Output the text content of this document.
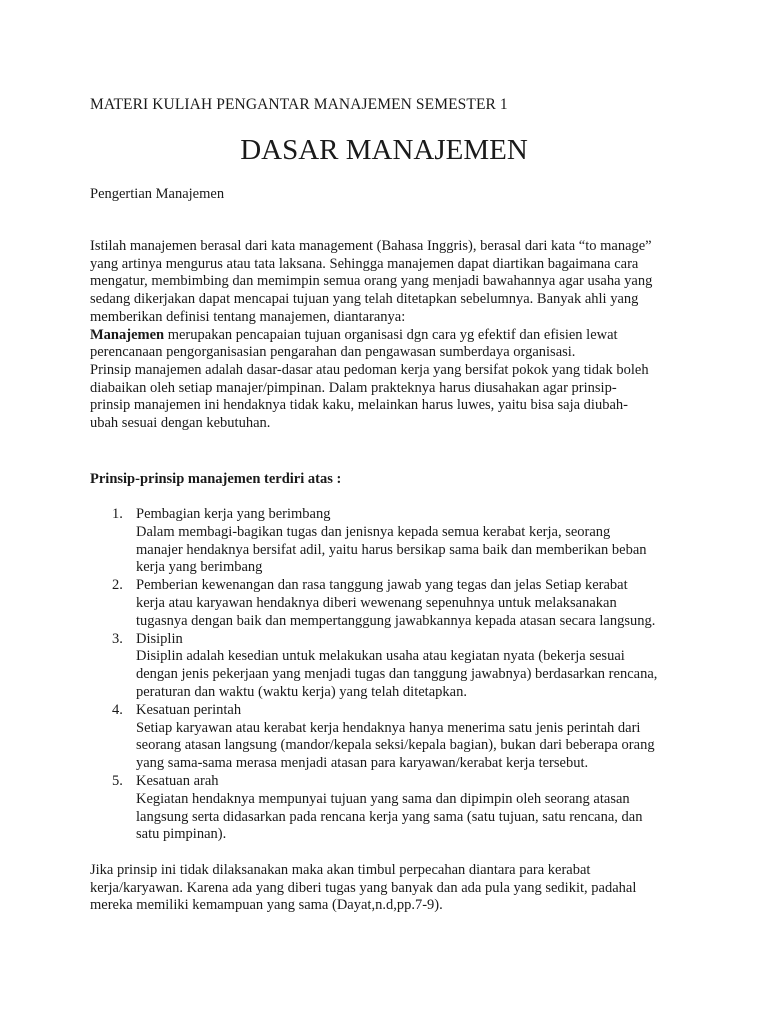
MATERI KULIAH PENGANTAR MANAJEMEN SEMESTER 1
DASAR MANAJEMEN
Pengertian Manajemen
Istilah manajemen berasal dari kata management (Bahasa Inggris), berasal dari kata “to manage”
yang artinya mengurus atau tata laksana. Sehingga manajemen dapat diartikan bagaimana cara
mengatur, membimbing dan memimpin semua orang yang menjadi bawahannya agar usaha yang
sedang dikerjakan dapat mencapai tujuan yang telah ditetapkan sebelumnya. Banyak ahli yang
memberikan definisi tentang manajemen, diantaranya:
Manajemen merupakan pencapaian tujuan organisasi dgn cara yg efektif dan efisien lewat
perencanaan pengorganisasian pengarahan dan pengawasan sumberdaya organisasi.
Prinsip manajemen adalah dasar-dasar atau pedoman kerja yang bersifat pokok yang tidak boleh
diabaikan oleh setiap manajer/pimpinan. Dalam prakteknya harus diusahakan agar prinsip-
prinsip manajemen ini hendaknya tidak kaku, melainkan harus luwes, yaitu bisa saja diubah-
ubah sesuai dengan kebutuhan.
Prinsip-prinsip manajemen terdiri atas :
1. Pembagian kerja yang berimbang
Dalam membagi-bagikan tugas dan jenisnya kepada semua kerabat kerja, seorang
manajer hendaknya bersifat adil, yaitu harus bersikap sama baik dan memberikan beban
kerja yang berimbang
2. Pemberian kewenangan dan rasa tanggung jawab yang tegas dan jelas Setiap kerabat
kerja atau karyawan hendaknya diberi wewenang sepenuhnya untuk melaksanakan
tugasnya dengan baik dan mempertanggung jawabkannya kepada atasan secara langsung.
3. Disiplin
Disiplin adalah kesedian untuk melakukan usaha atau kegiatan nyata (bekerja sesuai
dengan jenis pekerjaan yang menjadi tugas dan tanggung jawabnya) berdasarkan rencana,
peraturan dan waktu (waktu kerja) yang telah ditetapkan.
4. Kesatuan perintah
Setiap karyawan atau kerabat kerja hendaknya hanya menerima satu jenis perintah dari
seorang atasan langsung (mandor/kepala seksi/kepala bagian), bukan dari beberapa orang
yang sama-sama merasa menjadi atasan para karyawan/kerabat kerja tersebut.
5. Kesatuan arah
Kegiatan hendaknya mempunyai tujuan yang sama dan dipimpin oleh seorang atasan
langsung serta didasarkan pada rencana kerja yang sama (satu tujuan, satu rencana, dan
satu pimpinan).
Jika prinsip ini tidak dilaksanakan maka akan timbul perpecahan diantara para kerabat
kerja/karyawan. Karena ada yang diberi tugas yang banyak dan ada pula yang sedikit, padahal
mereka memiliki kemampuan yang sama (Dayat,n.d,pp.7-9).
